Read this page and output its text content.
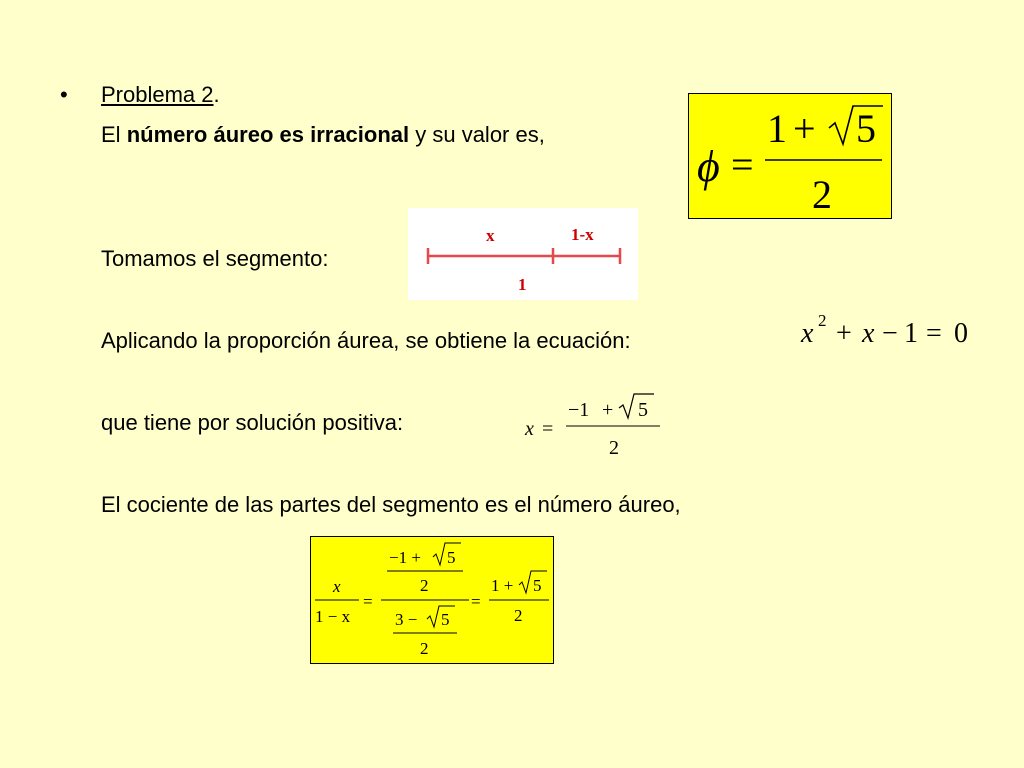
• Problema 2.
El número áureo es irracional y su valor es,
ϕ =
1 + 5
2
Tomamos el segmento:
x	1-x
1
Aplicando la proporción áurea, se obtiene la ecuación:	x 2 + x − 1 = 0
que tiene por solución positiva:	x =
−1 + 5
2
El cociente de las partes del segmento es el número áureo,
x
1 − x
=
−1 + 5
2
3 − 5
2
=
1 + 5
2
